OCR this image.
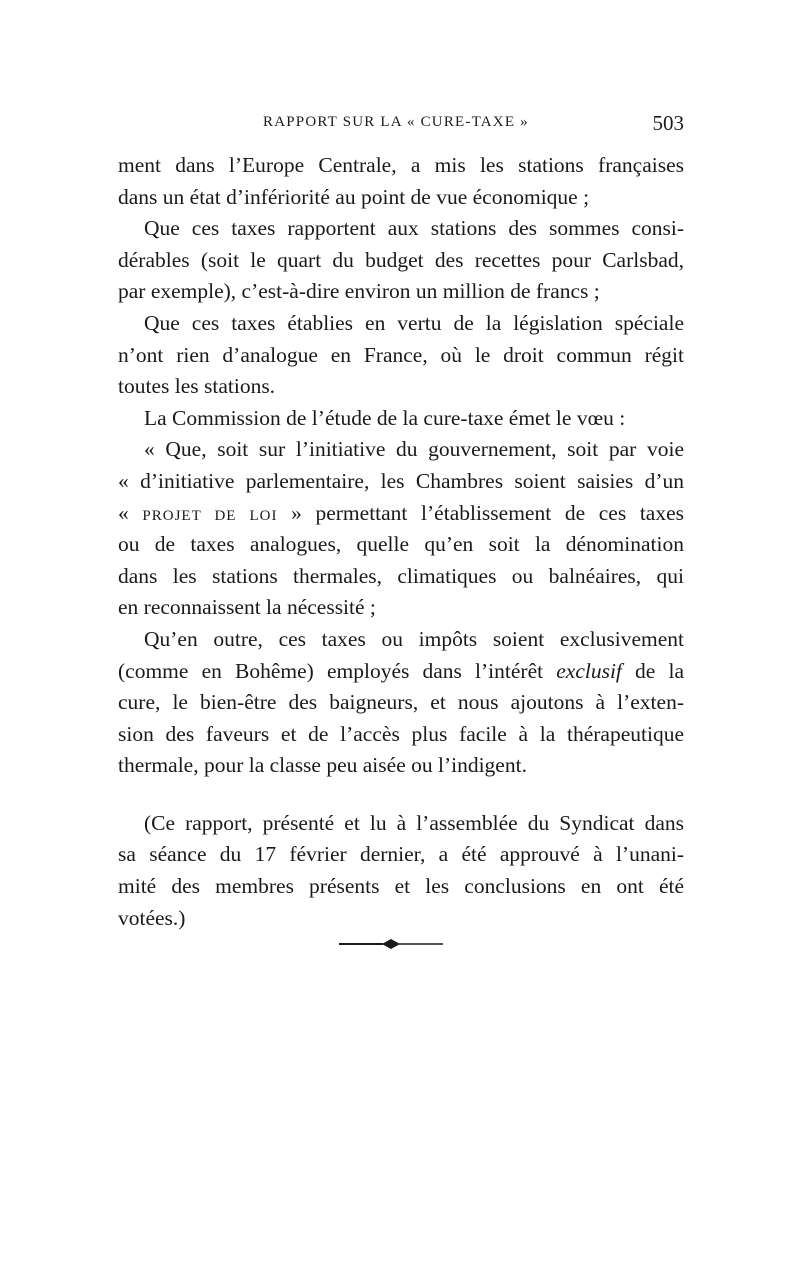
RAPPORT SUR LA « CURE-TAXE »	503
ment dans l’Europe Centrale, a mis les stations françaises
dans un état d’infériorité au point de vue économique ;
Que ces taxes rapportent aux stations des sommes consi-
dérables (soit le quart du budget des recettes pour Carlsbad,
par exemple), c’est-à-dire environ un million de francs ;
Que ces taxes établies en vertu de la législation spéciale
n’ont rien d’analogue en France, où le droit commun régit
toutes les stations.
La Commission de l’étude de la cure-taxe émet le vœu :
« Que, soit sur l’initiative du gouvernement, soit par voie
« d’initiative parlementaire, les Chambres soient saisies d’un
« PROJET DE LOI » permettant l’établissement de ces taxes
ou de taxes analogues, quelle qu’en soit la dénomination
dans les stations thermales, climatiques ou balnéaires, qui
en reconnaissent la nécessité ;
Qu’en outre, ces taxes ou impôts soient exclusivement
(comme en Bohême) employés dans l’intérêt exclusif de la
cure, le bien-être des baigneurs, et nous ajoutons à l’exten-
sion des faveurs et de l’accès plus facile à la thérapeutique
thermale, pour la classe peu aisée ou l’indigent.
(Ce rapport, présenté et lu à l’assemblée du Syndicat dans
sa séance du 17 février dernier, a été approuvé à l’unani-
mité des membres présents et les conclusions en ont été
votées.)
